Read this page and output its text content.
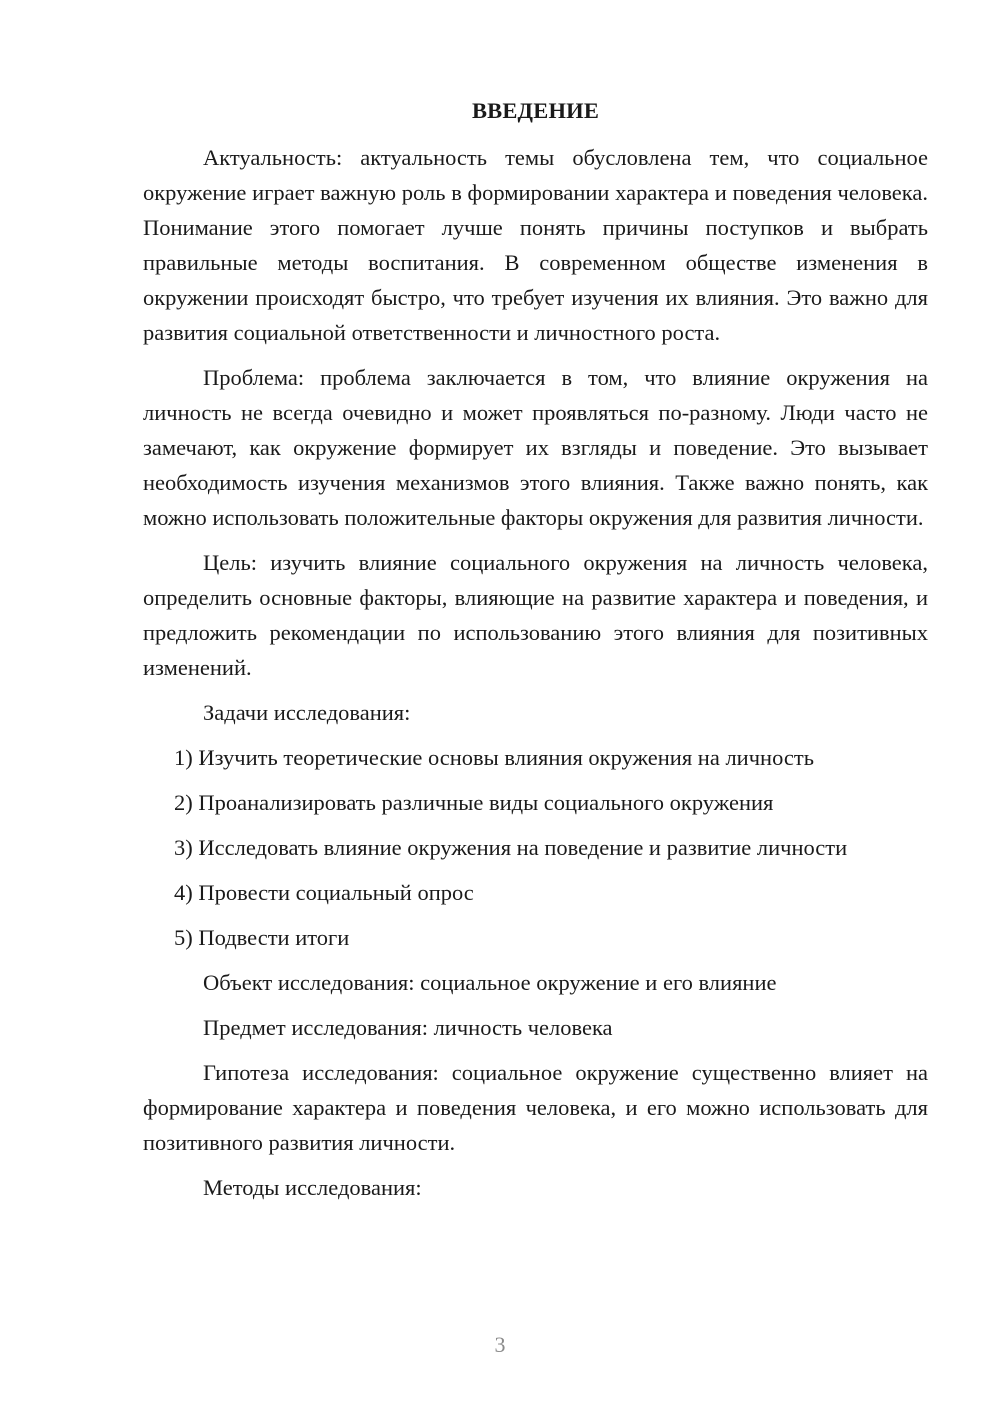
ВВЕДЕНИЕ

Актуальность: актуальность темы обусловлена тем, что социальное окружение играет важную роль в формировании характера и поведения человека. Понимание этого помогает лучше понять причины поступков и выбрать правильные методы воспитания. В современном обществе изменения в окружении происходят быстро, что требует изучения их влияния. Это важно для развития социальной ответственности и личностного роста.

Проблема: проблема заключается в том, что влияние окружения на личность не всегда очевидно и может проявляться по-разному. Люди часто не замечают, как окружение формирует их взгляды и поведение. Это вызывает необходимость изучения механизмов этого влияния. Также важно понять, как можно использовать положительные факторы окружения для развития личности.

Цель: изучить влияние социального окружения на личность человека, определить основные факторы, влияющие на развитие характера и поведения, и предложить рекомендации по использованию этого влияния для позитивных изменений.

Задачи исследования:

1) Изучить теоретические основы влияния окружения на личность
2) Проанализировать различные виды социального окружения
3) Исследовать влияние окружения на поведение и развитие личности
4) Провести социальный опрос
5) Подвести итоги

Объект исследования: социальное окружение и его влияние

Предмет исследования: личность человека

Гипотеза исследования: социальное окружение существенно влияет на формирование характера и поведения человека, и его можно использовать для позитивного развития личности.

Методы исследования:

3
